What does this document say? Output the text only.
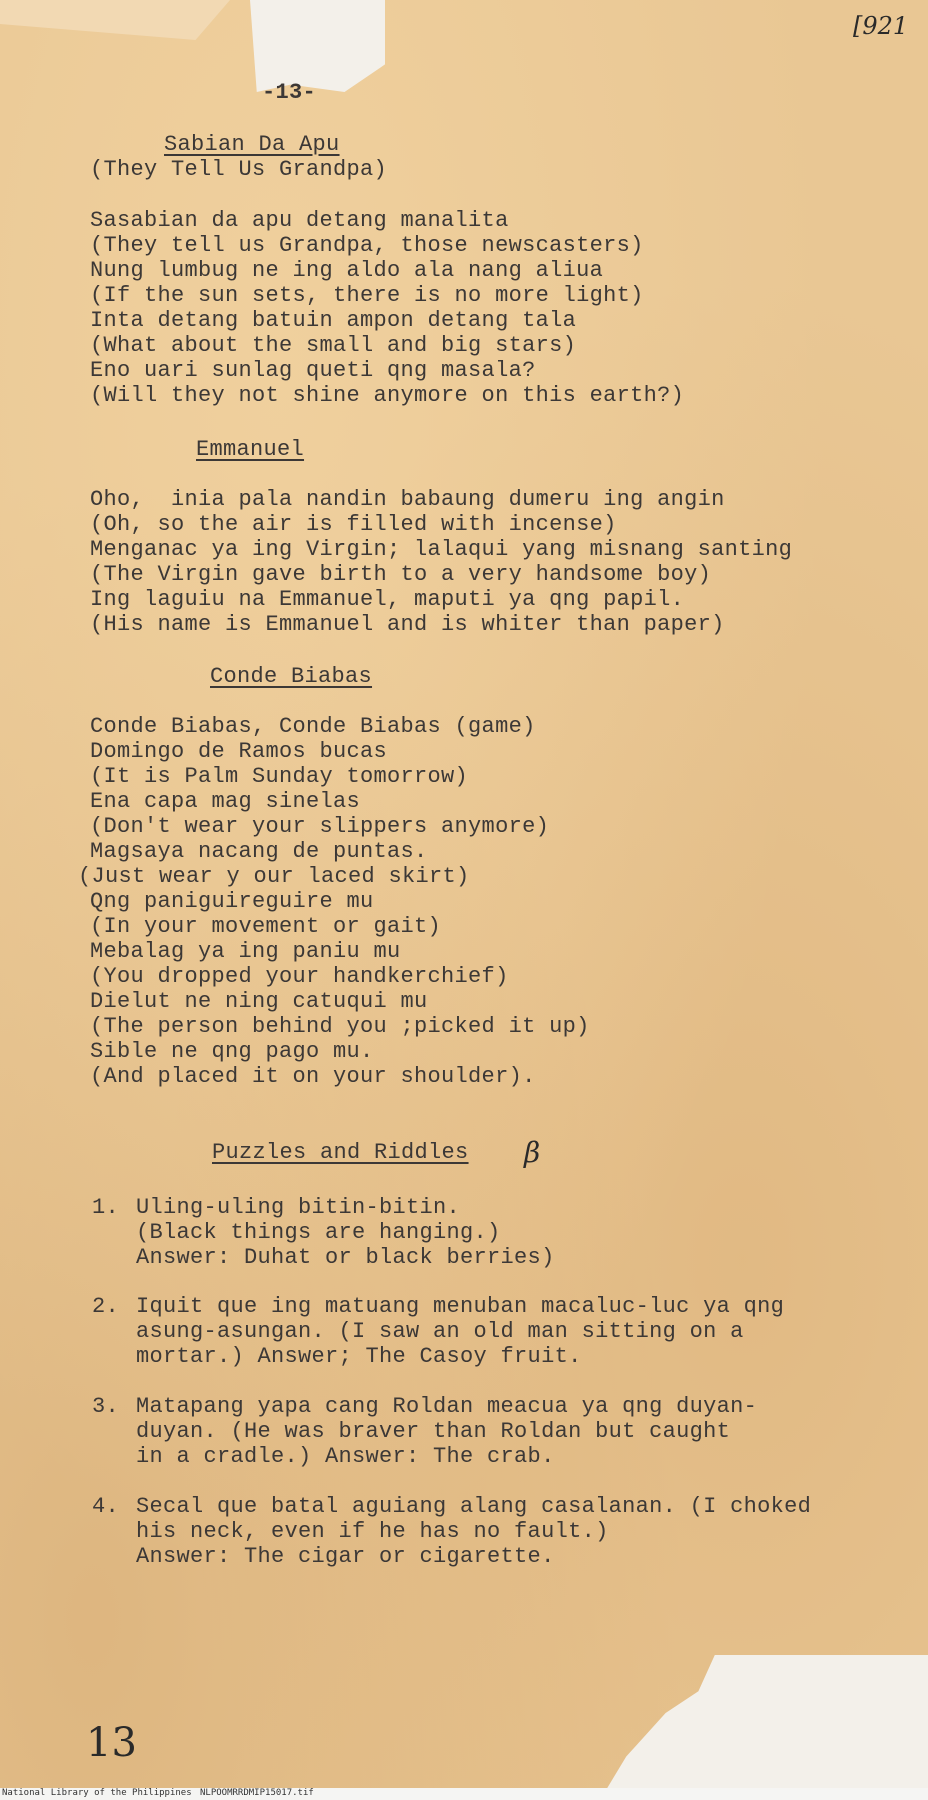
-13-
[921
Sabian Da Apu
(They Tell Us Grandpa)
Sasabian da apu detang manalita
(They tell us Grandpa, those newscasters)
Nung lumbug ne ing aldo ala nang aliua
(If the sun sets, there is no more light)
Inta detang batuin ampon detang tala
(What about the small and big stars)
Eno uari sunlag queti qng masala?
(Will they not shine anymore on this earth?)
Emmanuel
Oho,  inia pala nandin babaung dumeru ing angin
(Oh, so the air is filled with incense)
Menganac ya ing Virgin; lalaqui yang misnang santing
(The Virgin gave birth to a very handsome boy)
Ing laguiu na Emmanuel, maputi ya qng papil.
(His name is Emmanuel and is whiter than paper)
Conde Biabas
Conde Biabas, Conde Biabas (game)
Domingo de Ramos bucas
(It is Palm Sunday tomorrow)
Ena capa mag sinelas
(Don't wear your slippers anymore)
Magsaya nacang de puntas.
(Just wear y our laced skirt)
Qng paniguireguire mu
(In your movement or gait)
Mebalag ya ing paniu mu
(You dropped your handkerchief)
Dielut ne ning catuqui mu
(The person behind you ;picked it up)
Sible ne qng pago mu.
(And placed it on your shoulder).
Puzzles and Riddles β
1. Uling-uling bitin-bitin.
(Black things are hanging.)
Answer: Duhat or black berries)
2. Iquit que ing matuang menuban macaluc-luc ya qng
asung-asungan. (I saw an old man sitting on a
mortar.) Answer; The Casoy fruit.
3. Matapang yapa cang Roldan meacua ya qng duyan-
duyan. (He was braver than Roldan but caught
in a cradle.) Answer: The crab.
4. Secal que batal aguiang alang casalanan. (I choked
his neck, even if he has no fault.)
Answer: The cigar or cigarette.
13
National Library of the Philippines NLPOOMRRDMIP15017.tif
